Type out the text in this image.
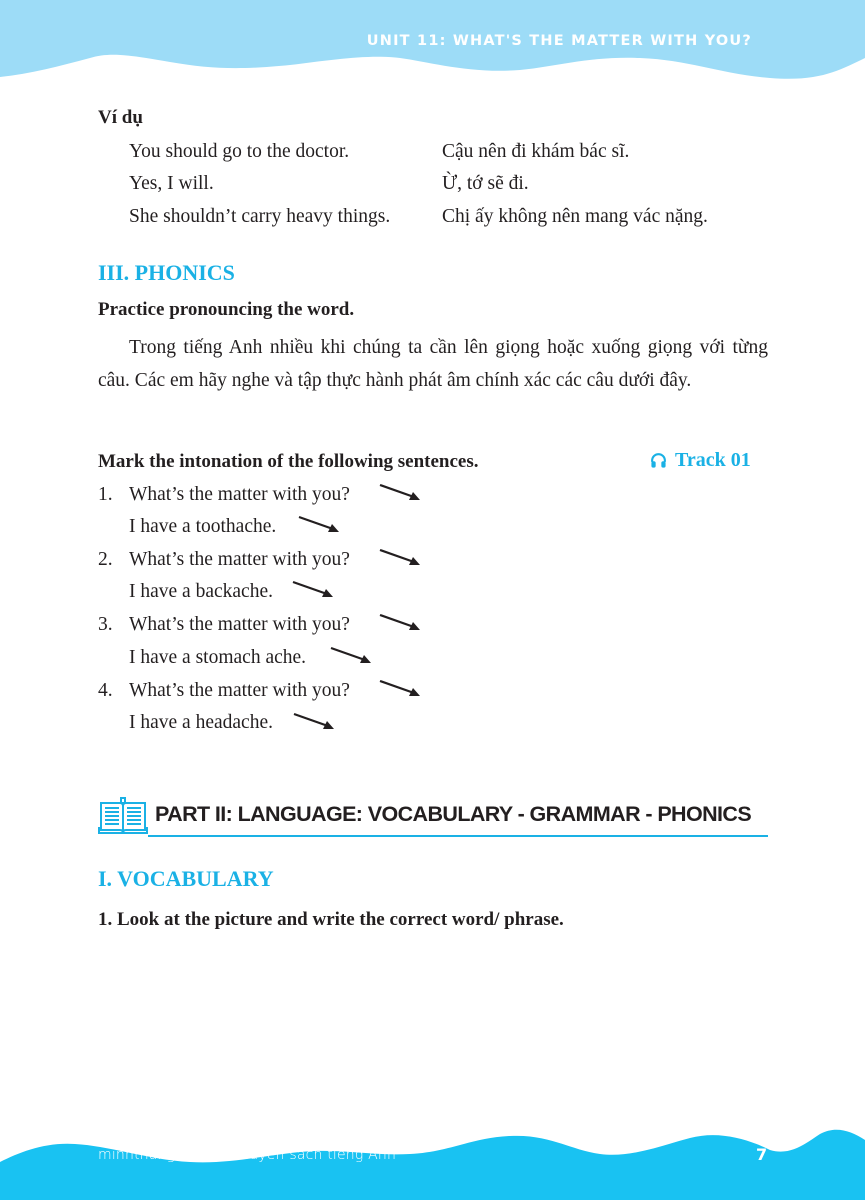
UNIT 11: WHAT'S THE MATTER WITH YOU?
Ví dụ
You should go to the doctor.	Cậu nên đi khám bác sĩ.
Yes, I will.	Ừ, tớ sẽ đi.
She shouldn’t carry heavy things.	Chị ấy không nên mang vác nặng.
III. PHONICS
Practice pronouncing the word.
Trong tiếng Anh nhiều khi chúng ta cần lên giọng hoặc xuống giọng với từng câu. Các em hãy nghe và tập thực hành phát âm chính xác các câu dưới đây.
Mark the intonation of the following sentences.	Track 01
1. What’s the matter with you?
I have a toothache.
2. What’s the matter with you?
I have a backache.
3. What’s the matter with you?
I have a stomach ache.
4. What’s the matter with you?
I have a headache.
PART II: LANGUAGE: VOCABULARY - GRAMMAR - PHONICS
I. VOCABULARY
1. Look at the picture and write the correct word/ phrase.
minhthangbooks - chuyên sách tiếng Anh	7
